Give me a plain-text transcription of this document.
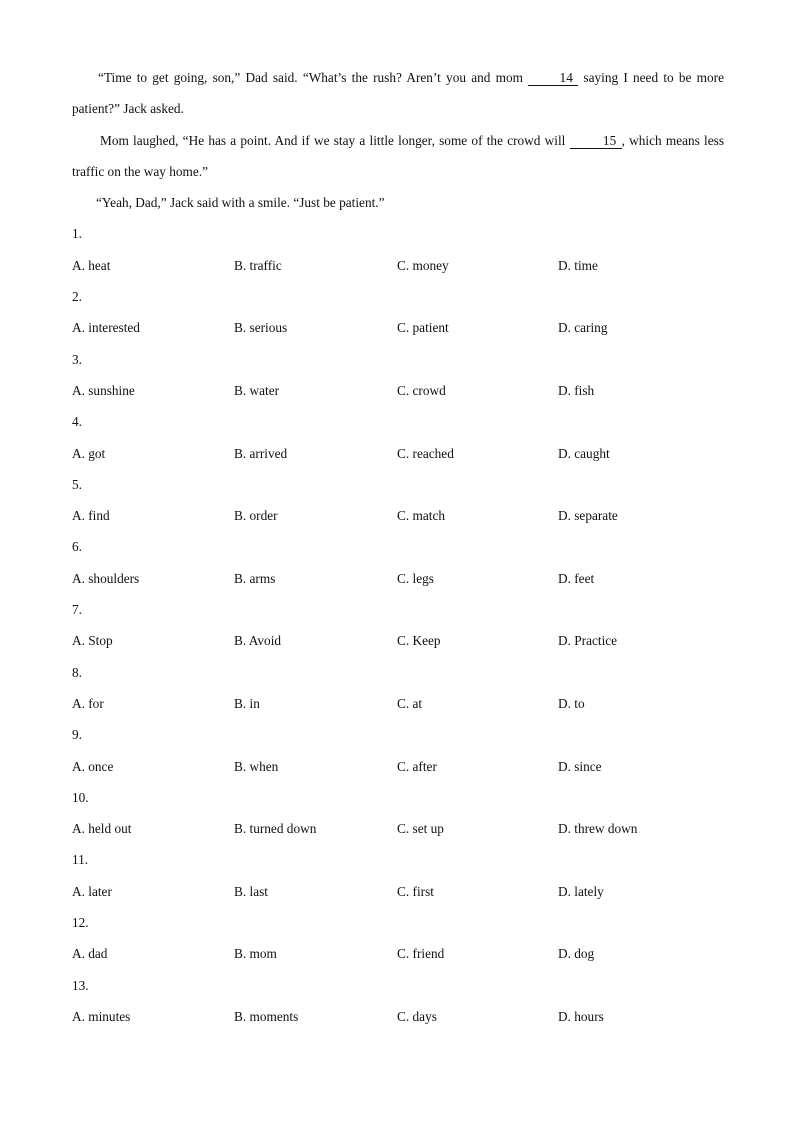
“Time to get going, son,” Dad said. “What’s the rush? Aren’t you and mom 14 saying I need to be more patient?” Jack asked.

Mom laughed, “He has a point. And if we stay a little longer, some of the crowd will	15 , which means less traffic on the way home.”

“Yeah, Dad,” Jack said with a smile. “Just be patient.”

1.
A. heat	B. traffic	C. money	D. time
2.
A. interested	B. serious	C. patient	D. caring
3.
A. sunshine	B. water	C. crowd	D. fish
4.
A. got	B. arrived	C. reached	D. caught
5.
A. find	B. order	C. match	D. separate
6.
A. shoulders	B. arms	C. legs	D. feet
7.
A. Stop	B. Avoid	C. Keep	D. Practice
8.
A. for	B. in	C. at	D. to
9.
A. once	B. when	C. after	D. since
10.
A. held out	B. turned down	C. set up	D. threw down
11.
A. later	B. last	C. first	D. lately
12.
A. dad	B. mom	C. friend	D. dog
13.
A. minutes	B. moments	C. days	D. hours
